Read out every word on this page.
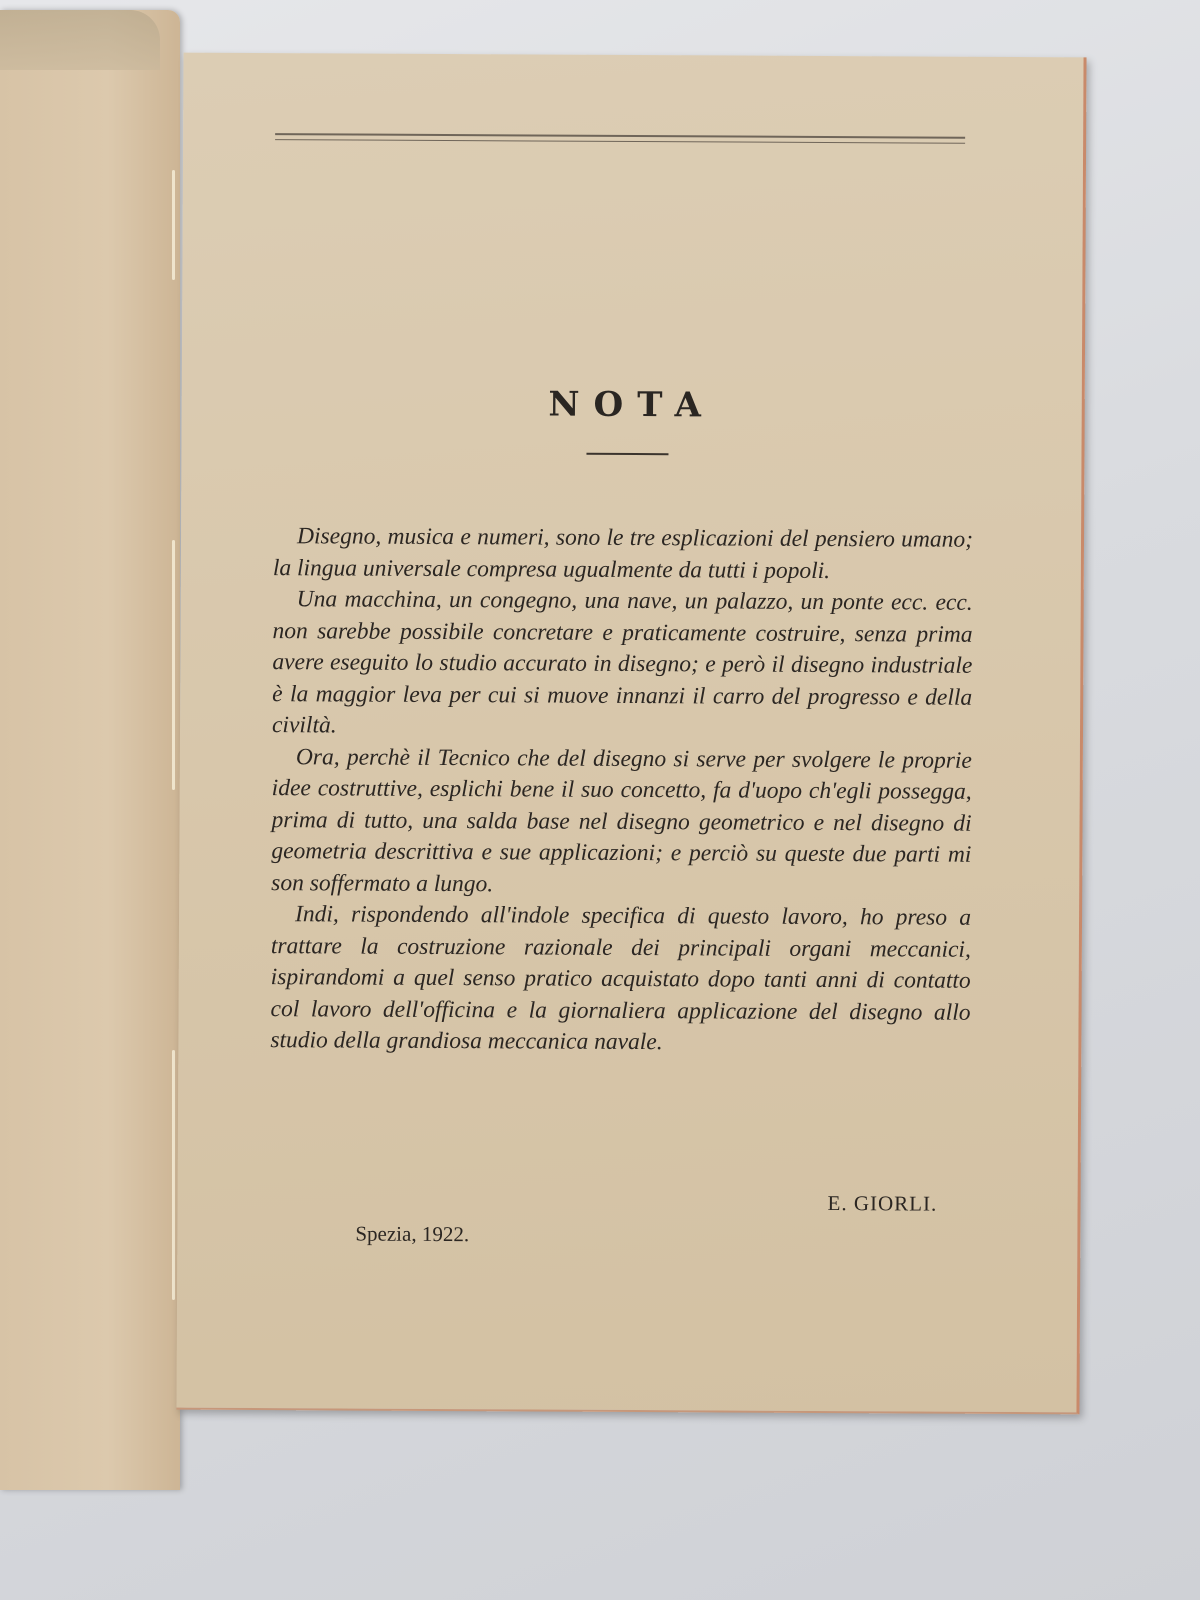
NOTA

Disegno, musica e numeri, sono le tre esplicazioni del pensiero umano; la lingua universale compresa ugualmente da tutti i popoli.

Una macchina, un congegno, una nave, un palazzo, un ponte ecc. ecc. non sarebbe possibile concretare e praticamente costruire, senza prima avere eseguito lo studio accurato in disegno; e però il disegno industriale è la maggior leva per cui si muove innanzi il carro del progresso e della civiltà.

Ora, perchè il Tecnico che del disegno si serve per svolgere le proprie idee costruttive, esplichi bene il suo concetto, fa d'uopo ch'egli possegga, prima di tutto, una salda base nel disegno geometrico e nel disegno di geometria descrittiva e sue applicazioni; e perciò su queste due parti mi son soffermato a lungo.

Indi, rispondendo all'indole specifica di questo lavoro, ho preso a trattare la costruzione razionale dei principali organi meccanici, ispirandomi a quel senso pratico acquistato dopo tanti anni di contatto col lavoro dell'officina e la giornaliera applicazione del disegno allo studio della grandiosa meccanica navale.

E. GIORLI.
Spezia, 1922.
